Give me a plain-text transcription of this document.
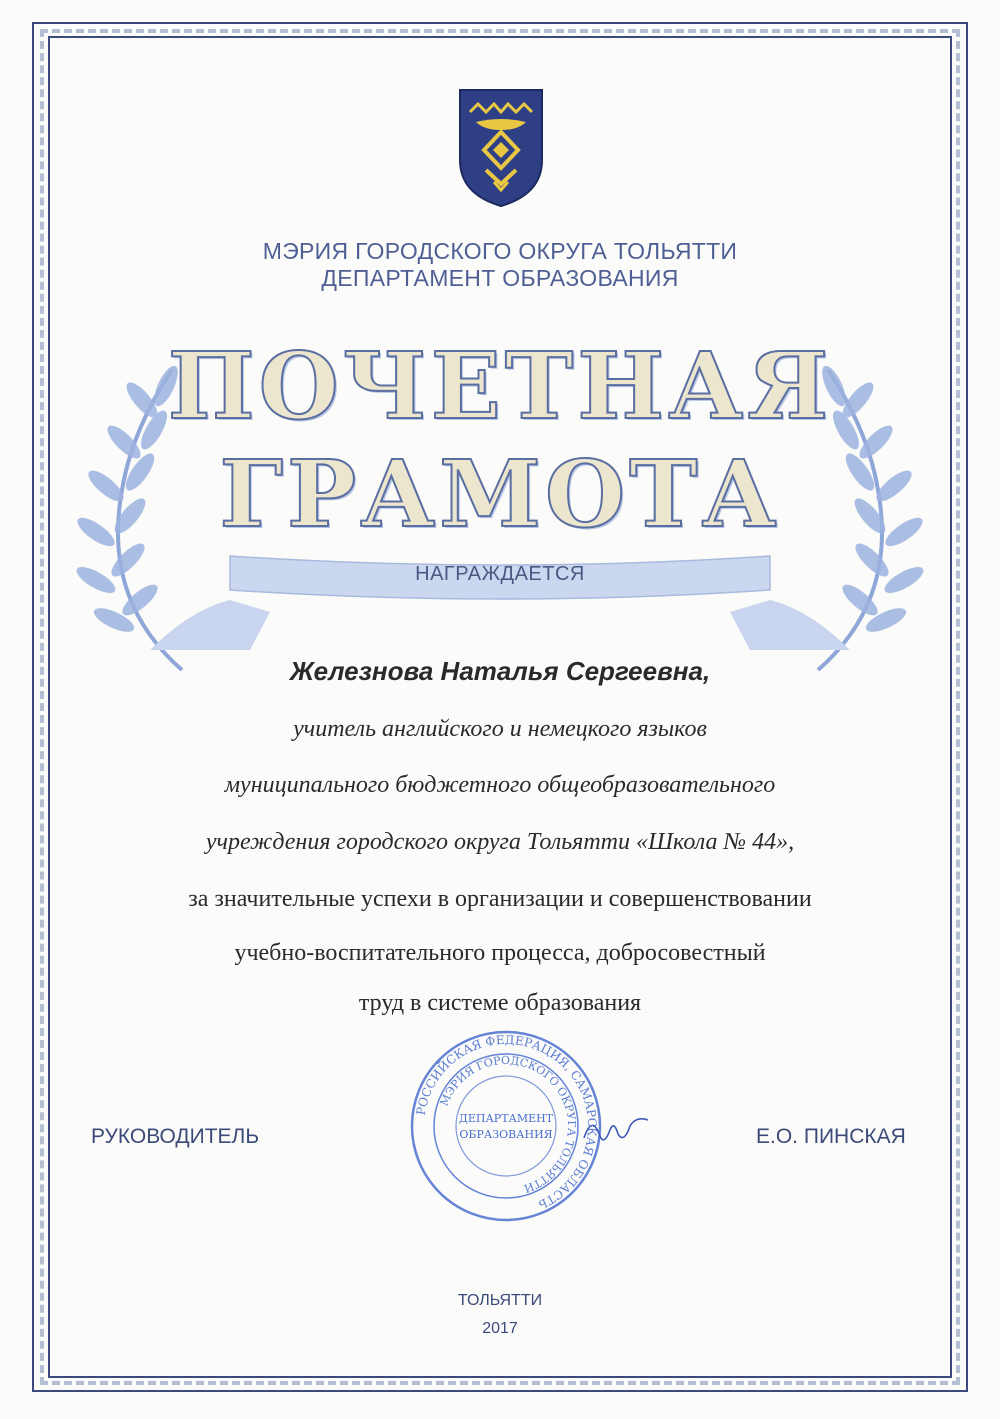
МЭРИЯ ГОРОДСКОГО ОКРУГА ТОЛЬЯТТИ
ДЕПАРТАМЕНТ ОБРАЗОВАНИЯ
ПОЧЕТНАЯ
ГРАМОТА
НАГРАЖДАЕТСЯ
Железнова Наталья Сергеевна,
учитель английского и немецкого языков
муниципального бюджетного общеобразовательного
учреждения городского округа Тольятти «Школа № 44»,
за значительные успехи в организации и совершенствовании
учебно-воспитательного процесса, добросовестный
труд в системе образования
РУКОВОДИТЕЛЬ	Е.О. ПИНСКАЯ
РОССИЙСКАЯ ФЕДЕРАЦИЯ, САМАРСКАЯ ОБЛАСТЬ
МЭРИЯ ГОРОДСКОГО ОКРУГА ТОЛЬЯТТИ
ДЕПАРТАМЕНТ
ОБРАЗОВАНИЯ
ТОЛЬЯТТИ
2017
